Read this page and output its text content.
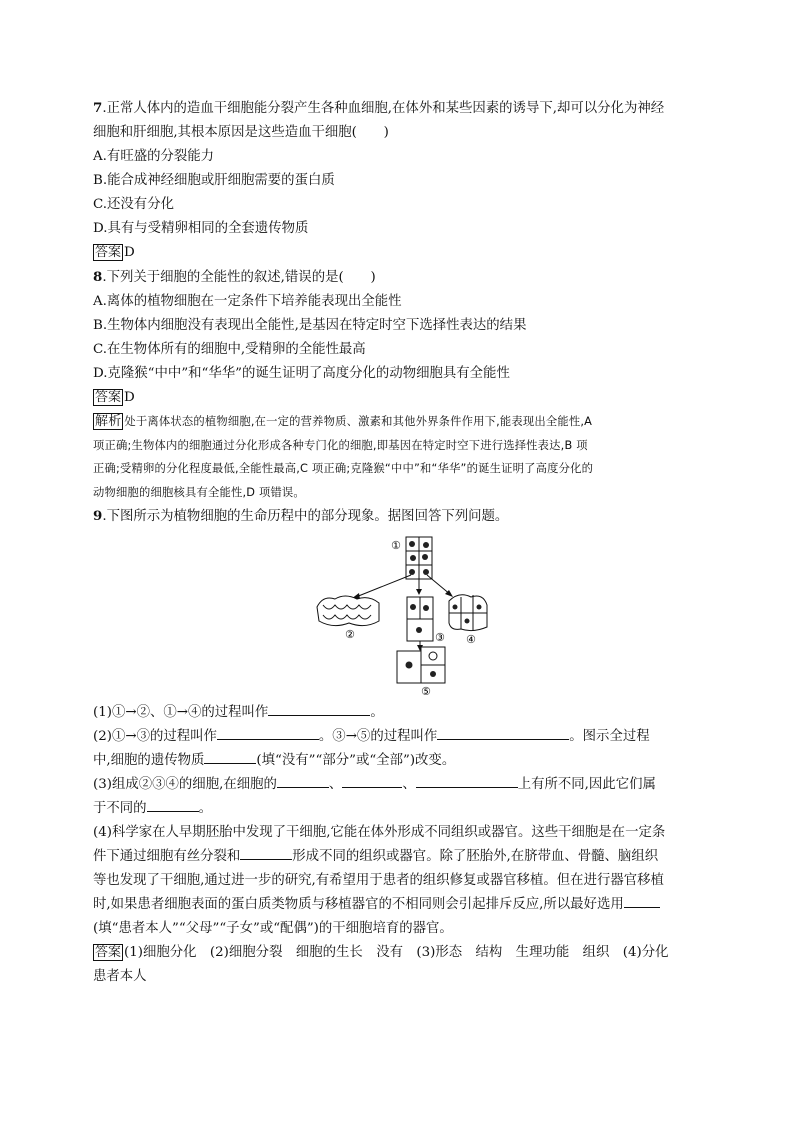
7.正常人体内的造血干细胞能分裂产生各种血细胞,在体外和某些因素的诱导下,却可以分化为神经
细胞和肝细胞,其根本原因是这些造血干细胞(　　)
A.有旺盛的分裂能力
B.能合成神经细胞或肝细胞需要的蛋白质
C.还没有分化
D.具有与受精卵相同的全套遗传物质
答案 D
8.下列关于细胞的全能性的叙述,错误的是(　　)
A.离体的植物细胞在一定条件下培养能表现出全能性
B.生物体内细胞没有表现出全能性,是基因在特定时空下选择性表达的结果
C.在生物体所有的细胞中,受精卵的全能性最高
D.克隆猴“中中”和“华华”的诞生证明了高度分化的动物细胞具有全能性
答案 D
解析 处于离体状态的植物细胞,在一定的营养物质、激素和其他外界条件作用下,能表现出全能性,A
项正确;生物体内的细胞通过分化形成各种专门化的细胞,即基因在特定时空下进行选择性表达,B 项
正确;受精卵的分化程度最低,全能性最高,C 项正确;克隆猴“中中”和“华华”的诞生证明了高度分化的
动物细胞的细胞核具有全能性,D 项错误。
9.下图所示为植物细胞的生命历程中的部分现象。据图回答下列问题。
①
②	③ ④
⑤
(1)①→②、①→④的过程叫作	。
(2)①→③的过程叫作	。③→⑤的过程叫作	。图示全过程
中,细胞的遗传物质	(填“没有”“部分”或“全部”)改变。
(3)组成②③④的细胞,在细胞的	、	、	上有所不同,因此它们属
于不同的	。
(4)科学家在人早期胚胎中发现了干细胞,它能在体外形成不同组织或器官。这些干细胞是在一定条
件下通过细胞有丝分裂和	形成不同的组织或器官。除了胚胎外,在脐带血、骨髓、脑组织
等也发现了干细胞,通过进一步的研究,有希望用于患者的组织修复或器官移植。但在进行器官移植
时,如果患者细胞表面的蛋白质类物质与移植器官的不相同则会引起排斥反应,所以最好选用
(填“患者本人”“父母”“子女”或“配偶”)的干细胞培育的器官。
答案 (1)细胞分化　(2)细胞分裂　细胞的生长　没有　(3)形态　结构　生理功能　组织　(4)分化
患者本人
